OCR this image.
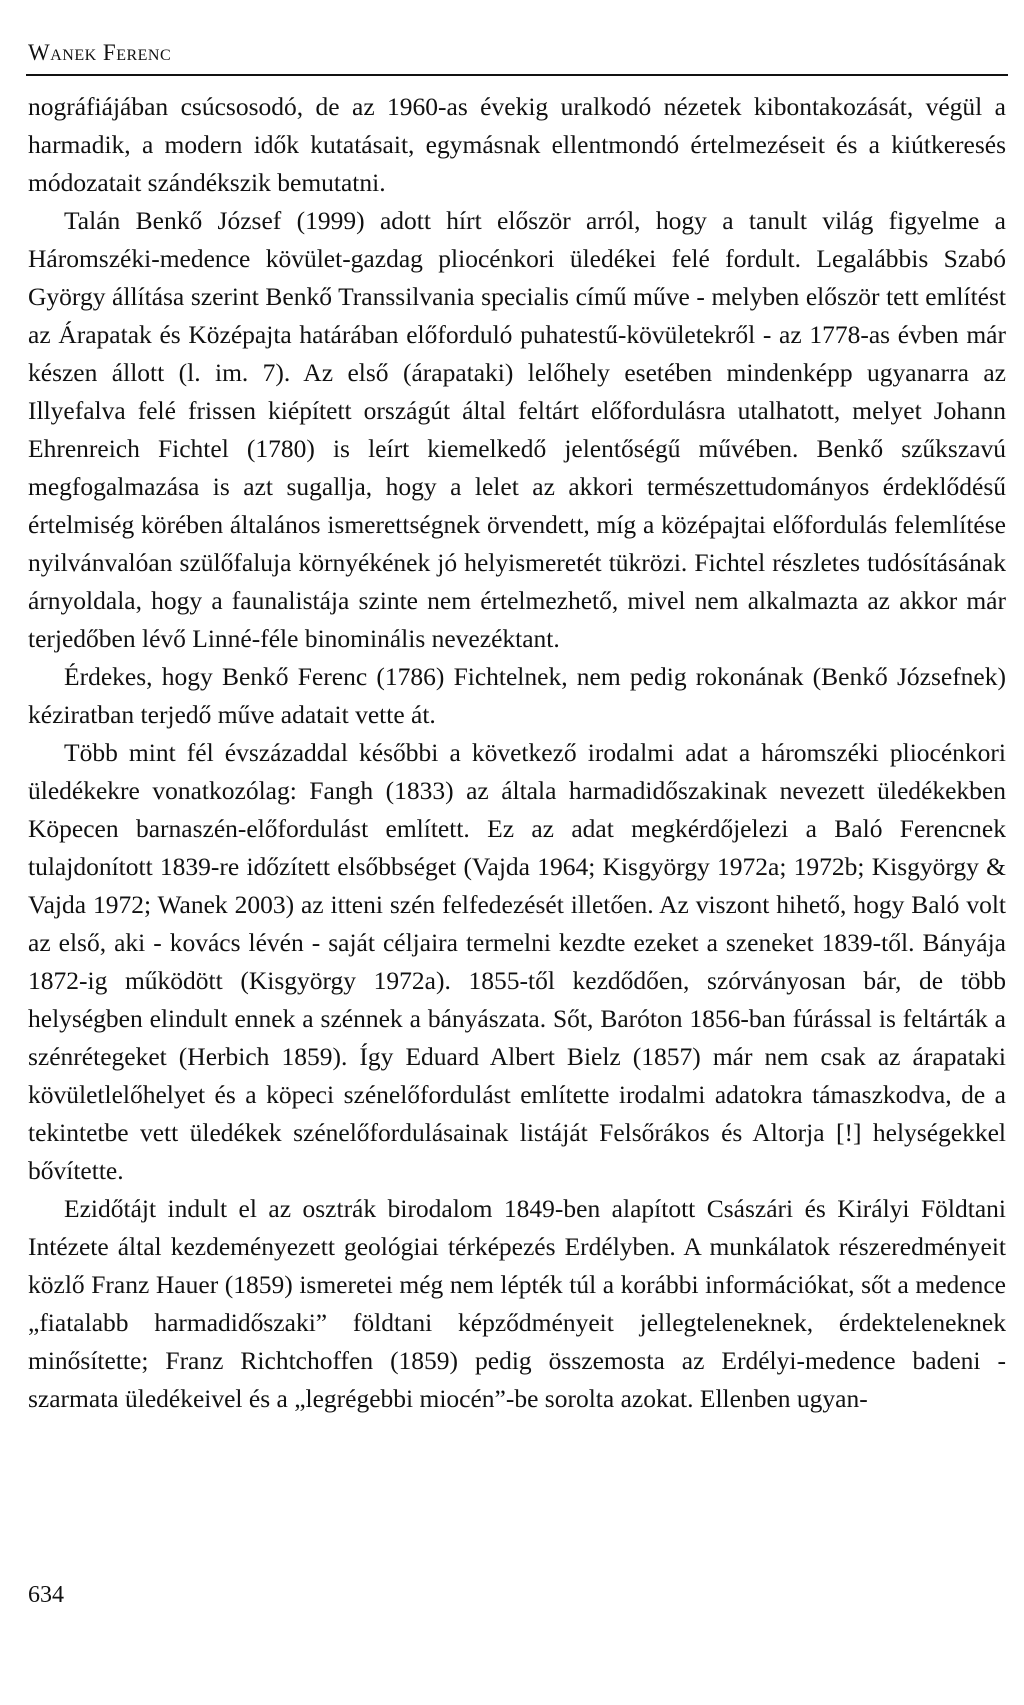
Wanek Ferenc

nográfiájában csúcsosodó, de az 1960-as évekig uralkodó nézetek kibontakozását, végül a harmadik, a modern idők kutatásait, egymásnak ellentmondó értelmezéseit és a kiútkeresés módozatait szándékszik bemutatni.

Talán Benkő József (1999) adott hírt először arról, hogy a tanult világ figyelme a Háromszéki-medence kövület-gazdag pliocénkori üledékei felé fordult. Legalábbis Szabó György állítása szerint Benkő Transsilvania specialis című műve - melyben először tett említést az Árapatak és Középajta határában előforduló puhatestű-kövületekről - az 1778-as évben már készen állott (l. im. 7). Az első (árapataki) lelőhely esetében mindenképp ugyanarra az Illyefalva felé frissen kiépített országút által feltárt előfordulásra utalhatott, melyet Johann Ehrenreich Fichtel (1780) is leírt kiemelkedő jelentőségű művében. Benkő szűkszavú megfogalmazása is azt sugallja, hogy a lelet az akkori természettudományos érdeklődésű értelmiség körében általános ismerettségnek örvendett, míg a középajtai előfordulás felemlítése nyilvánvalóan szülőfaluja környékének jó helyismeretét tükrözi. Fichtel részletes tudósításának árnyoldala, hogy a faunalistája szinte nem értelmezhető, mivel nem alkalmazta az akkor már terjedőben lévő Linné-féle binominális nevezéktant.

Érdekes, hogy Benkő Ferenc (1786) Fichtelnek, nem pedig rokonának (Benkő Józsefnek) kéziratban terjedő műve adatait vette át.

Több mint fél évszázaddal későbbi a következő irodalmi adat a háromszéki pliocénkori üledékekre vonatkozólag: Fangh (1833) az általa harmadidőszakinak nevezett üledékekben Köpecen barnaszén-előfordulást említett. Ez az adat megkérdőjelezi a Baló Ferencnek tulajdonított 1839-re időzített elsőbbséget (Vajda 1964; Kisgyörgy 1972a; 1972b; Kisgyörgy & Vajda 1972; Wanek 2003) az itteni szén felfedezését illetően. Az viszont hihető, hogy Baló volt az első, aki - kovács lévén - saját céljaira termelni kezdte ezeket a szeneket 1839-től. Bányája 1872-ig működött (Kisgyörgy 1972a). 1855-től kezdődően, szórványosan bár, de több helységben elindult ennek a szénnek a bányászata. Sőt, Baróton 1856-ban fúrással is feltárták a szénrétegeket (Herbich 1859). Így Eduard Albert Bielz (1857) már nem csak az árapataki kövületlelőhelyet és a köpeci szénelőfordulást említette irodalmi adatokra támaszkodva, de a tekintetbe vett üledékek szénelőfordulásainak listáját Felsőrákos és Altorja [!] helységekkel bővítette.

Ezidőtájt indult el az osztrák birodalom 1849-ben alapított Császári és Királyi Földtani Intézete által kezdeményezett geológiai térképezés Erdélyben. A munkálatok részeredményeit közlő Franz Hauer (1859) ismeretei még nem lépték túl a korábbi információkat, sőt a medence „fiatalabb harmadidőszaki” földtani képződményeit jellegteleneknek, érdekteleneknek minősítette; Franz Richtchoffen (1859) pedig összemosta az Erdélyi-medence badeni - szarmata üledékeivel és a „legrégebbi miocén”-be sorolta azokat. Ellenben ugyan-

634
